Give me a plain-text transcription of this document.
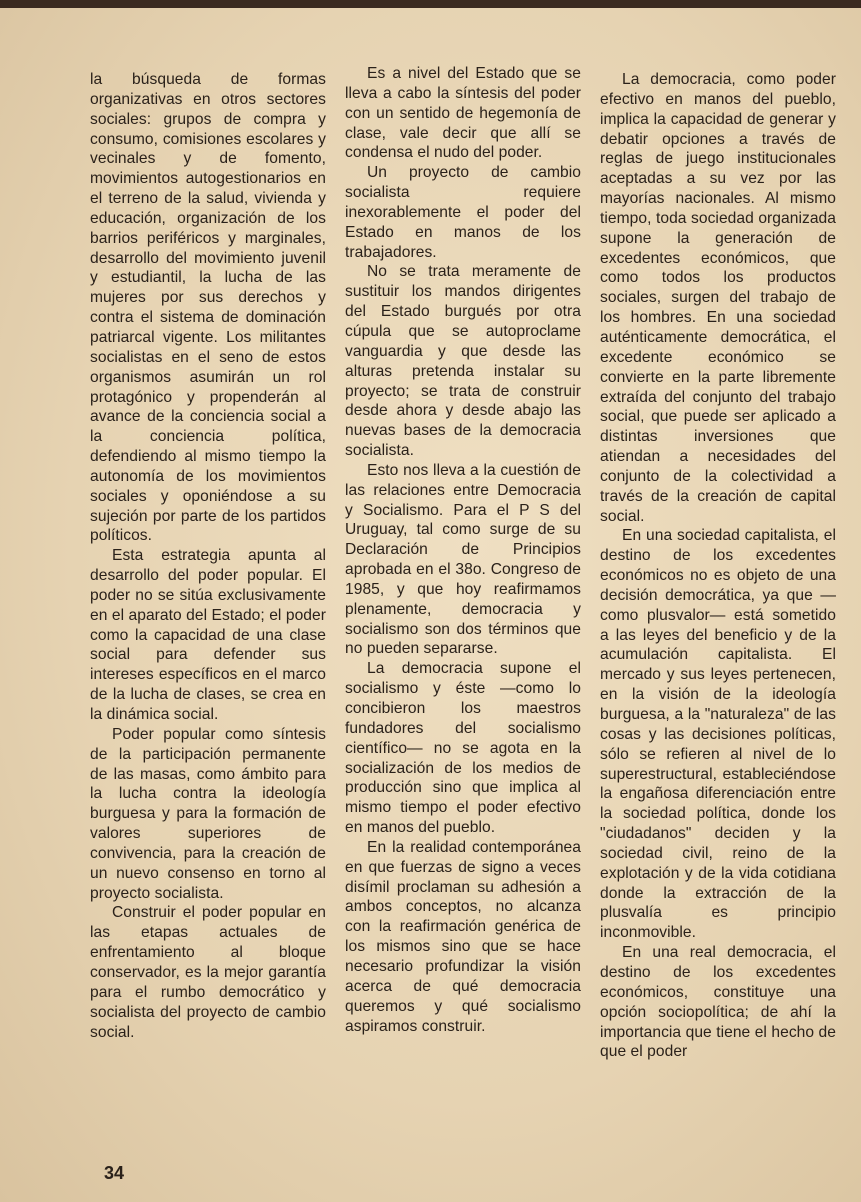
la búsqueda de formas organizativas en otros sectores sociales: grupos de compra y consumo, comisiones escolares y vecinales y de fomento, movimientos autogestionarios en el terreno de la salud, vivienda y educación, organización de los barrios periféricos y marginales, desarrollo del movimiento juvenil y estudiantil, la lucha de las mujeres por sus derechos y contra el sistema de dominación patriarcal vigente. Los militantes socialistas en el seno de estos organismos asumirán un rol protagónico y propenderán al avance de la conciencia social a la conciencia política, defendiendo al mismo tiempo la autonomía de los movimientos sociales y oponiéndose a su sujeción por parte de los partidos políticos.

Esta estrategia apunta al desarrollo del poder popular. El poder no se sitúa exclusivamente en el aparato del Estado; el poder como la capacidad de una clase social para defender sus intereses específicos en el marco de la lucha de clases, se crea en la dinámica social.

Poder popular como síntesis de la participación permanente de las masas, como ámbito para la lucha contra la ideología burguesa y para la formación de valores superiores de convivencia, para la creación de un nuevo consenso en torno al proyecto socialista.

Construir el poder popular en las etapas actuales de enfrentamiento al bloque conservador, es la mejor garantía para el rumbo democrático y socialista del proyecto de cambio social.

Es a nivel del Estado que se lleva a cabo la síntesis del poder con un sentido de hegemonía de clase, vale decir que allí se condensa el nudo del poder.

Un proyecto de cambio socialista requiere inexorablemente el poder del Estado en manos de los trabajadores.

No se trata meramente de sustituir los mandos dirigentes del Estado burgués por otra cúpula que se autoproclame vanguardia y que desde las alturas pretenda instalar su proyecto; se trata de construir desde ahora y desde abajo las nuevas bases de la democracia socialista.

Esto nos lleva a la cuestión de las relaciones entre Democracia y Socialismo. Para el P S del Uruguay, tal como surge de su Declaración de Principios aprobada en el 38o. Congreso de 1985, y que hoy reafirmamos plenamente, democracia y socialismo son dos términos que no pueden separarse.

La democracia supone el socialismo y éste —como lo concibieron los maestros fundadores del socialismo científico— no se agota en la socialización de los medios de producción sino que implica al mismo tiempo el poder efectivo en manos del pueblo.

En la realidad contemporánea en que fuerzas de signo a veces disímil proclaman su adhesión a ambos conceptos, no alcanza con la reafirmación genérica de los mismos sino que se hace necesario profundizar la visión acerca de qué democracia queremos y qué socialismo aspiramos construir.

La democracia, como poder efectivo en manos del pueblo, implica la capacidad de generar y debatir opciones a través de reglas de juego institucionales aceptadas a su vez por las mayorías nacionales. Al mismo tiempo, toda sociedad organizada supone la generación de excedentes económicos, que como todos los productos sociales, surgen del trabajo de los hombres. En una sociedad auténticamente democrática, el excedente económico se convierte en la parte libremente extraída del conjunto del trabajo social, que puede ser aplicado a distintas inversiones que atiendan a necesidades del conjunto de la colectividad a través de la creación de capital social.

En una sociedad capitalista, el destino de los excedentes económicos no es objeto de una decisión democrática, ya que —como plusvalor— está sometido a las leyes del beneficio y de la acumulación capitalista. El mercado y sus leyes pertenecen, en la visión de la ideología burguesa, a la "naturaleza" de las cosas y las decisiones políticas, sólo se refieren al nivel de lo superestructural, estableciéndose la engañosa diferenciación entre la sociedad política, donde los "ciudadanos" deciden y la sociedad civil, reino de la explotación y de la vida cotidiana donde la extracción de la plusvalía es principio inconmovible.

En una real democracia, el destino de los excedentes económicos, constituye una opción sociopolítica; de ahí la importancia que tiene el hecho de que el poder

34
